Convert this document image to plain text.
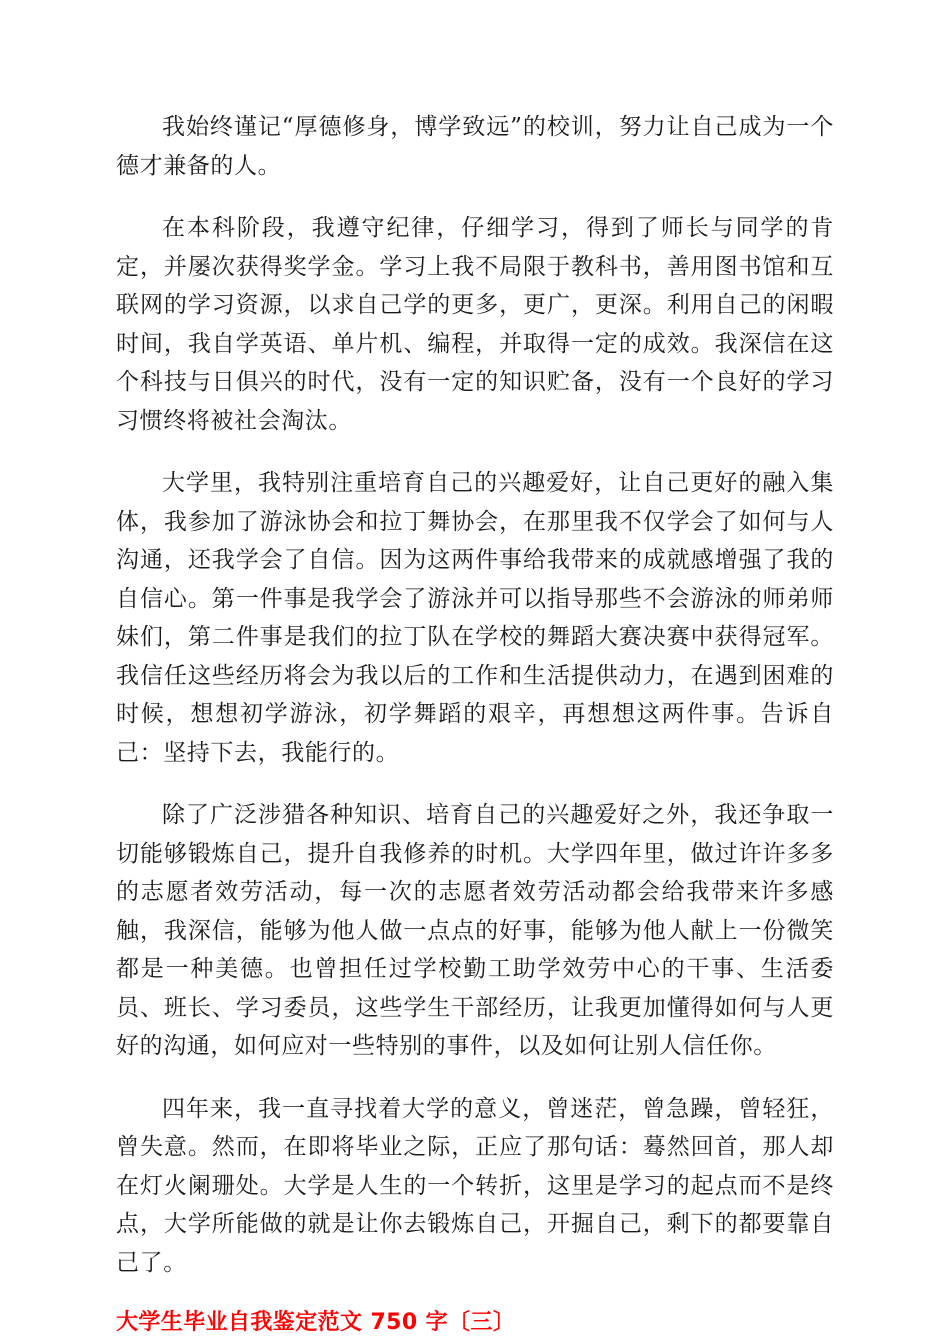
我始终谨记“厚德修身，博学致远”的校训，努力让自己成为一个德才兼备的人。

在本科阶段，我遵守纪律，仔细学习，得到了师长与同学的肯定，并屡次获得奖学金。学习上我不局限于教科书，善用图书馆和互联网的学习资源，以求自己学的更多，更广，更深。利用自己的闲暇时间，我自学英语、单片机、编程，并取得一定的成效。我深信在这个科技与日俱兴的时代，没有一定的知识贮备，没有一个良好的学习习惯终将被社会淘汰。

大学里，我特别注重培育自己的兴趣爱好，让自己更好的融入集体，我参加了游泳协会和拉丁舞协会，在那里我不仅学会了如何与人沟通，还我学会了自信。因为这两件事给我带来的成就感增强了我的自信心。第一件事是我学会了游泳并可以指导那些不会游泳的师弟师妹们，第二件事是我们的拉丁队在学校的舞蹈大赛决赛中获得冠军。我信任这些经历将会为我以后的工作和生活提供动力，在遇到困难的时候，想想初学游泳，初学舞蹈的艰辛，再想想这两件事。告诉自己：坚持下去，我能行的。

除了广泛涉猎各种知识、培育自己的兴趣爱好之外，我还争取一切能够锻炼自己，提升自我修养的时机。大学四年里，做过许许多多的志愿者效劳活动，每一次的志愿者效劳活动都会给我带来许多感触，我深信，能够为他人做一点点的好事，能够为他人献上一份微笑都是一种美德。也曾担任过学校勤工助学效劳中心的干事、生活委员、班长、学习委员，这些学生干部经历，让我更加懂得如何与人更好的沟通，如何应对一些特别的事件，以及如何让别人信任你。

四年来，我一直寻找着大学的意义，曾迷茫，曾急躁，曾轻狂，曾失意。然而，在即将毕业之际，正应了那句话：蓦然回首，那人却在灯火阑珊处。大学是人生的一个转折，这里是学习的起点而不是终点，大学所能做的就是让你去锻炼自己，开掘自己，剩下的都要靠自己了。

大学生毕业自我鉴定范文 750 字〔三〕
